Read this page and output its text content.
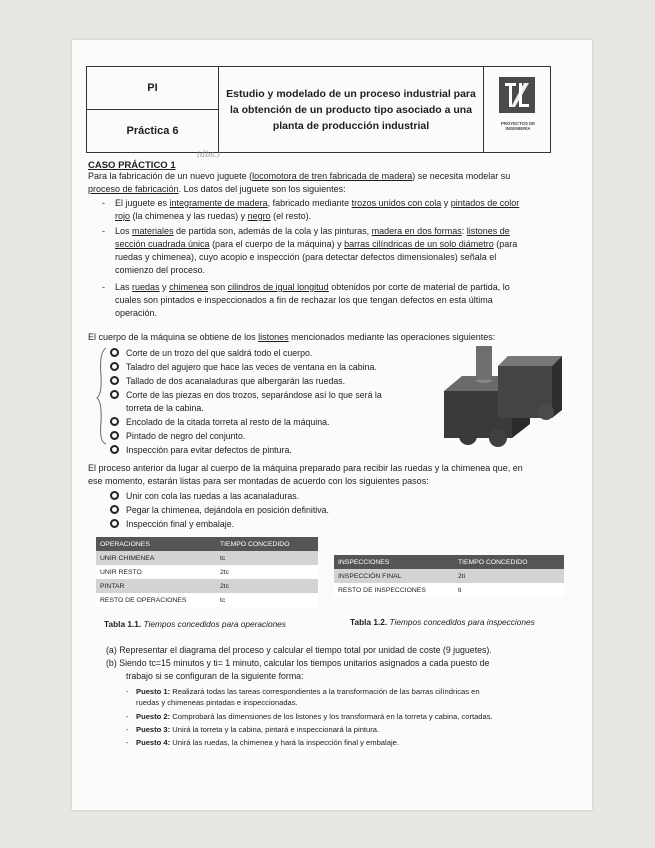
PI
Práctica 6
Estudio y modelado de un proceso industrial para la obtención de un producto tipo asociado a una planta de producción industrial	PROYECTOS DE INGENIERÍA
(dbs.)
CASO PRÁCTICO 1
Para la fabricación de un nuevo juguete (locomotora de tren fabricada de madera) se necesita modelar su
proceso de fabricación. Los datos del juguete son los siguientes:
- El juguete es integramente de madera, fabricado mediante trozos unidos con cola y pintados de color
rojo (la chimenea y las ruedas) y negro (el resto).
- Los materiales de partida son, además de la cola y las pinturas, madera en dos formas: listones de
sección cuadrada única (para el cuerpo de la máquina) y barras cilíndricas de un solo diámetro (para
ruedas y chimenea), cuyo acopio e inspección (para detectar defectos dimensionales) señala el
comienzo del proceso.
- Las ruedas y chimenea son cilindros de igual longitud obtenidos por corte de material de partida, lo
cuales son pintados e inspeccionados a fin de rechazar los que tengan defectos en esta última
operación.
El cuerpo de la máquina se obtiene de los listones mencionados mediante las operaciones siguientes:
Corte de un trozo del que saldrá todo el cuerpo.
Taladro del agujero que hace las veces de ventana en la cabina.
Tallado de dos acanaladuras que albergarán las ruedas.
Corte de las piezas en dos trozos, separándose así lo que será la
torreta de la cabina.
Encolado de la citada torreta al resto de la máquina.
Pintado de negro del conjunto.
Inspección para evitar defectos de pintura.
El proceso anterior da lugar al cuerpo de la máquina preparado para recibir las ruedas y la chimenea que, en
ese momento, estarán listas para ser montadas de acuerdo con los siguientes pasos:
Unir con cola las ruedas a las acanaladuras.
Pegar la chimenea, dejándola en posición definitiva.
Inspección final y embalaje.
OPERACIONES	TIEMPO CONCEDIDO
UNIR CHIMENEA	tc
UNIR RESTO	2tc
PINTAR	2tc
RESTO DE OPERACIONES	tc
INSPECCIONES	TIEMPO CONCEDIDO
INSPECCIÓN FINAL	2ti
RESTO DE INSPECCIONES	ti
Tabla 1.1. Tiempos concedidos para operaciones	Tabla 1.2. Tiempos concedidos para inspecciones
(a) Representar el diagrama del proceso y calcular el tiempo total por unidad de coste (9 juguetes).
(b) Siendo tc=15 minutos y ti= 1 minuto, calcular los tiempos unitarios asignados a cada puesto de
trabajo si se configuran de la siguiente forma:
- Puesto 1: Realizará todas las tareas correspondientes a la transformación de las barras cilíndricas en
ruedas y chimeneas pintadas e inspeccionadas.
- Puesto 2: Comprobará las dimensiones de los listones y los transformará en la torreta y cabina, cortadas.
- Puesto 3: Unirá la torreta y la cabina, pintará e inspeccionará la pintura.
- Puesto 4: Unirá las ruedas, la chimenea y hará la inspección final y embalaje.
